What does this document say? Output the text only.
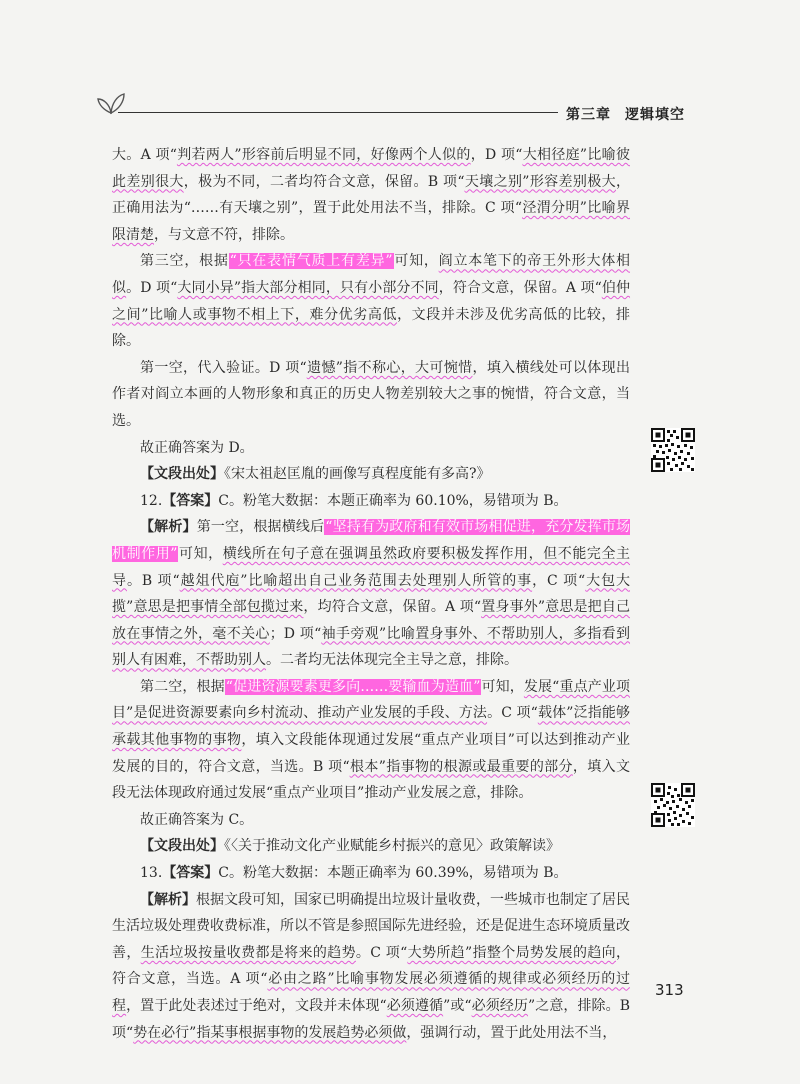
第三章 逻辑填空

大。A 项“判若两人”形容前后明显不同，好像两个人似的，D 项“大相径庭”比喻彼此差别很大，极为不同，二者均符合文意，保留。B 项“天壤之别”形容差别极大，正确用法为“……有天壤之别”，置于此处用法不当，排除。C 项“泾渭分明”比喻界限清楚，与文意不符，排除。

第三空，根据“只在表情气质上有差异”可知，阎立本笔下的帝王外形大体相似。D 项“大同小异”指大部分相同，只有小部分不同，符合文意，保留。A 项“伯仲之间”比喻人或事物不相上下，难分优劣高低，文段并未涉及优劣高低的比较，排除。

第一空，代入验证。D 项“遗憾”指不称心，大可惋惜，填入横线处可以体现出作者对阎立本画的人物形象和真正的历史人物差别较大之事的惋惜，符合文意，当选。

故正确答案为 D。

【文段出处】《宋太祖赵匡胤的画像写真程度能有多高?》

12.【答案】C。粉笔大数据：本题正确率为 60.10%，易错项为 B。

【解析】第一空，根据横线后“坚持有为政府和有效市场相促进，充分发挥市场机制作用”可知，横线所在句子意在强调虽然政府要积极发挥作用，但不能完全主导。B 项“越俎代庖”比喻超出自己业务范围去处理别人所管的事，C 项“大包大揽”意思是把事情全部包揽过来，均符合文意，保留。A 项“置身事外”意思是把自己放在事情之外，毫不关心；D 项“袖手旁观”比喻置身事外、不帮助别人，多指看到别人有困难，不帮助别人。二者均无法体现完全主导之意，排除。

第二空，根据“促进资源要素更多向……要输血为造血”可知，发展“重点产业项目”是促进资源要素向乡村流动、推动产业发展的手段、方法。C 项“载体”泛指能够承载其他事物的事物，填入文段能体现通过发展“重点产业项目”可以达到推动产业发展的目的，符合文意，当选。B 项“根本”指事物的根源或最重要的部分，填入文段无法体现政府通过发展“重点产业项目”推动产业发展之意，排除。

故正确答案为 C。

【文段出处】《〈关于推动文化产业赋能乡村振兴的意见〉政策解读》

13.【答案】C。粉笔大数据：本题正确率为 60.39%，易错项为 B。

【解析】根据文段可知，国家已明确提出垃圾计量收费，一些城市也制定了居民生活垃圾处理费收费标准，所以不管是参照国际先进经验，还是促进生态环境质量改善，生活垃圾按量收费都是将来的趋势。C 项“大势所趋”指整个局势发展的趋向，符合文意，当选。A 项“必由之路”比喻事物发展必须遵循的规律或必须经历的过程，置于此处表述过于绝对，文段并未体现“必须遵循”或“必须经历”之意，排除。B 项“势在必行”指某事根据事物的发展趋势必须做，强调行动，置于此处用法不当，

313
